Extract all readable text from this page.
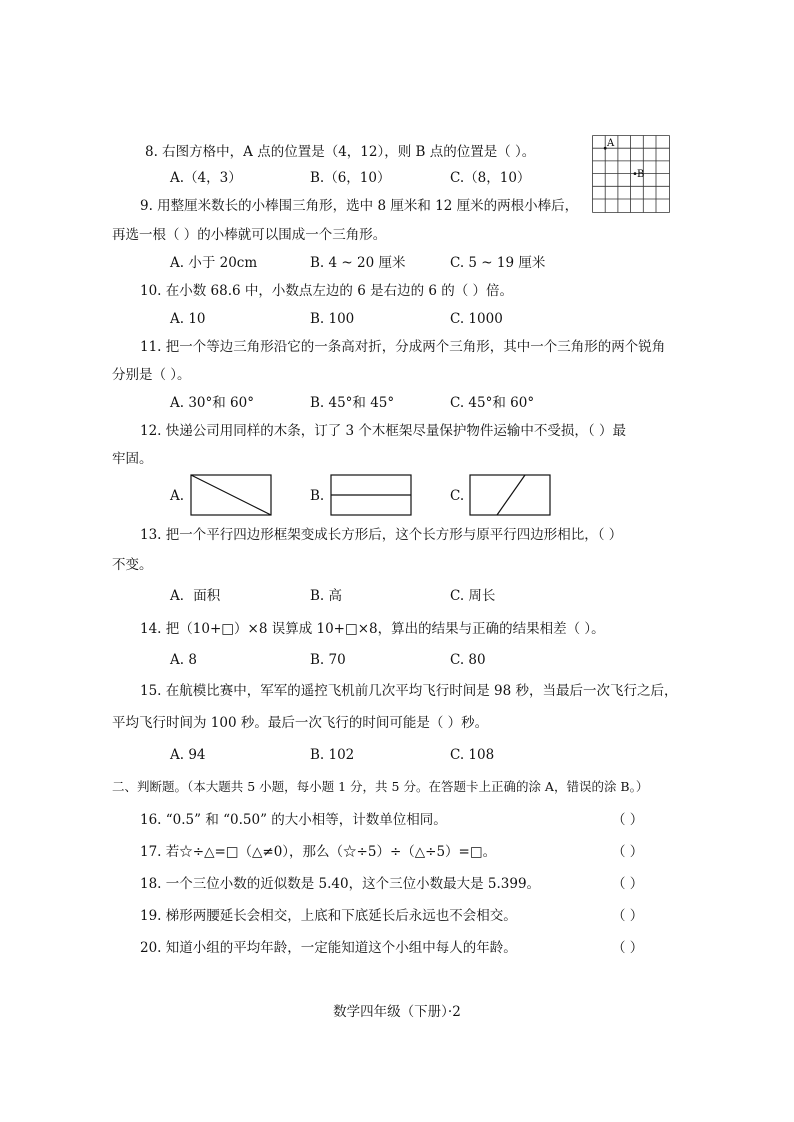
8. 右图方格中，A 点的位置是（4，12），则 B 点的位置是（ ）。
A.（4，3）	B.（6，10）	C.（8，10）
A
B
9. 用整厘米数长的小棒围三角形，选中 8 厘米和 12 厘米的两根小棒后，
再选一根（ ）的小棒就可以围成一个三角形。
A. 小于 20cm	B. 4 ~ 20 厘米	C. 5 ~ 19 厘米
10. 在小数 68.6 中，小数点左边的 6 是右边的 6 的（ ）倍。
A. 10	B. 100	C. 1000
11. 把一个等边三角形沿它的一条高对折，分成两个三角形，其中一个三角形的两个锐角
分别是（ ）。
A. 30°和 60°	B. 45°和 45°	C. 45°和 60°
12. 快递公司用同样的木条，订了 3 个木框架尽量保护物件运输中不受损，（ ）最
牢固。
A.	B.	C.
13. 把一个平行四边形框架变成长方形后，这个长方形与原平行四边形相比，（ ）
不变。
A．面积	B. 高	C. 周长
14. 把（10+□）×8 误算成 10+□×8，算出的结果与正确的结果相差（ ）。
A. 8	B. 70	C. 80
15. 在航模比赛中，军军的遥控飞机前几次平均飞行时间是 98 秒，当最后一次飞行之后，
平均飞行时间为 100 秒。最后一次飞行的时间可能是（ ）秒。
A. 94	B. 102	C. 108
二、判断题。（本大题共 5 小题，每小题 1 分，共 5 分。在答题卡上正确的涂 A，错误的涂 B。）
16. “0.5” 和 “0.50” 的大小相等，计数单位相同。	（ ）
17. 若☆÷△=□（△≠0），那么（☆÷5）÷（△÷5）=□。	（ ）
18. 一个三位小数的近似数是 5.40，这个三位小数最大是 5.399。	（ ）
19. 梯形两腰延长会相交，上底和下底延长后永远也不会相交。	（ ）
20. 知道小组的平均年龄，一定能知道这个小组中每人的年龄。	（ ）
数学四年级（下册）·2
